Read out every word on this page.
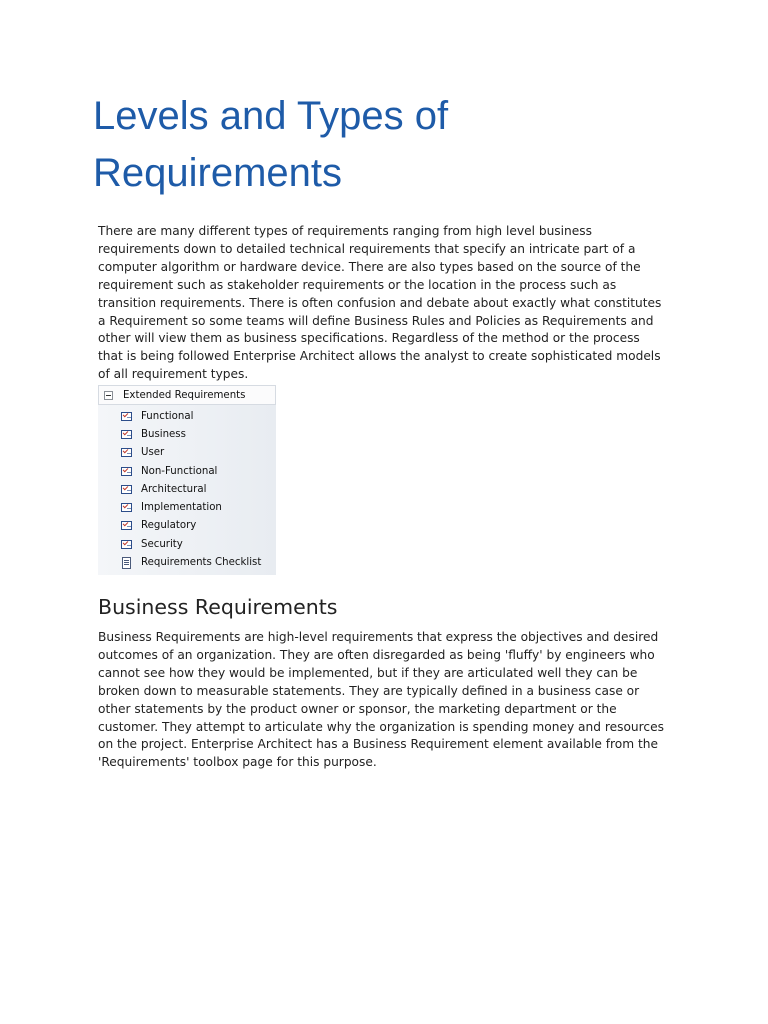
Levels and Types of
Requirements

There are many different types of requirements ranging from high level business requirements down to detailed technical requirements that specify an intricate part of a computer algorithm or hardware device. There are also types based on the source of the requirement such as stakeholder requirements or the location in the process such as transition requirements. There is often confusion and debate about exactly what constitutes a Requirement so some teams will define Business Rules and Policies as Requirements and other will view them as business specifications. Regardless of the method or the process that is being followed Enterprise Architect allows the analyst to create sophisticated models of all requirement types.

Extended Requirements
Functional
Business
User
Non-Functional
Architectural
Implementation
Regulatory
Security
Requirements Checklist
Business Requirements

Business Requirements are high-level requirements that express the objectives and desired outcomes of an organization. They are often disregarded as being 'fluffy' by engineers who cannot see how they would be implemented, but if they are articulated well they can be broken down to measurable statements. They are typically defined in a business case or other statements by the product owner or sponsor, the marketing department or the customer. They attempt to articulate why the organization is spending money and resources on the project. Enterprise Architect has a Business Requirement element available from the 'Requirements' toolbox page for this purpose.
